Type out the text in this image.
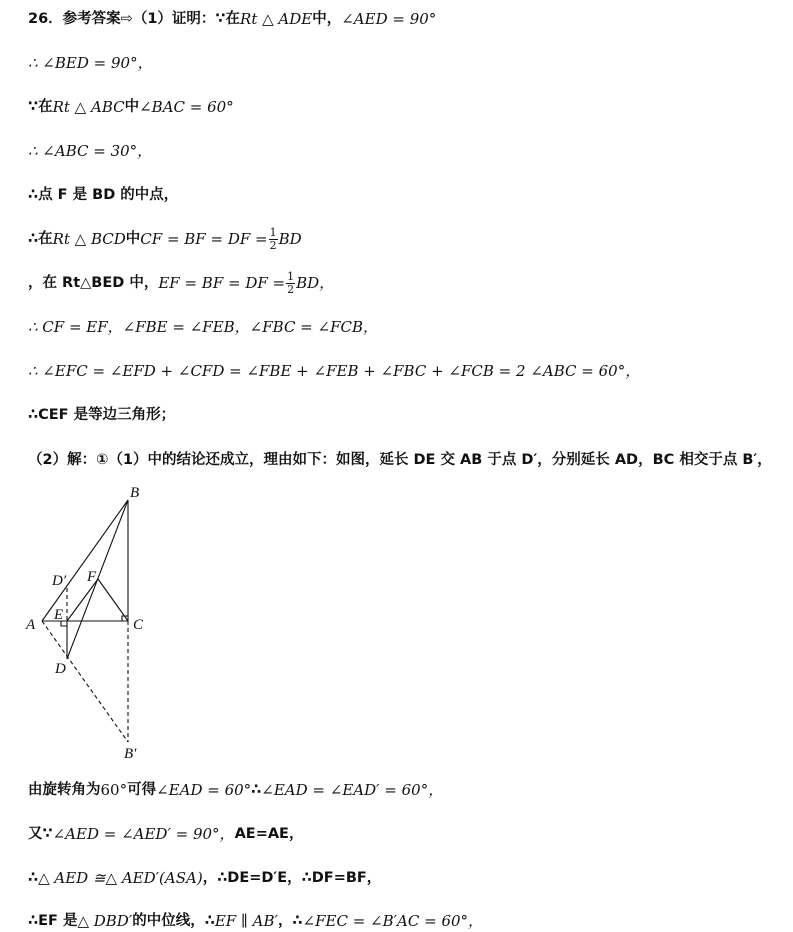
26．参考答案 ⇨ （1）证明：∵在 Rt △ ADE 中， ∠AED = 90°
∴ ∠BED = 90°，
∵在 Rt △ ABC 中 ∠BAC = 60°
∴ ∠ABC = 30°，
∴点 F 是 BD 的中点，
∴在 Rt △ BCD 中 CF = BF = DF = $\frac{1}{2}$ BD
，在 Rt△BED 中， EF = BF = DF = $\frac{1}{2}$ BD，
∴ CF = EF，∠FBE = ∠FEB，∠FBC = ∠FCB，
∴ ∠EFC = ∠EFD + ∠CFD = ∠FBE + ∠FEB + ∠FBC + ∠FCB = 2 ∠ABC = 60°，
∴CEF 是等边三角形；
（2）解：①（1）中的结论还成立，理由如下：如图，延长 DE 交 AB 于点 D′，分别延长 AD，BC 相交于点 B′，
由旋转角为 60° 可得 ∠EAD = 60° ∴ ∠EAD = ∠EAD′ = 60°，
又∵ ∠AED = ∠AED′ = 90°， AE=AE，
∴ △ AED ≅△ AED′(ASA) ，∴DE=D′E，∴DF=BF，
∴EF 是 △ DBD′ 的中位线，∴ EF ∥ AB′ ，∴ ∠FEC = ∠B′AC = 60°，
B
A	C
E
D
D′ F
B′
